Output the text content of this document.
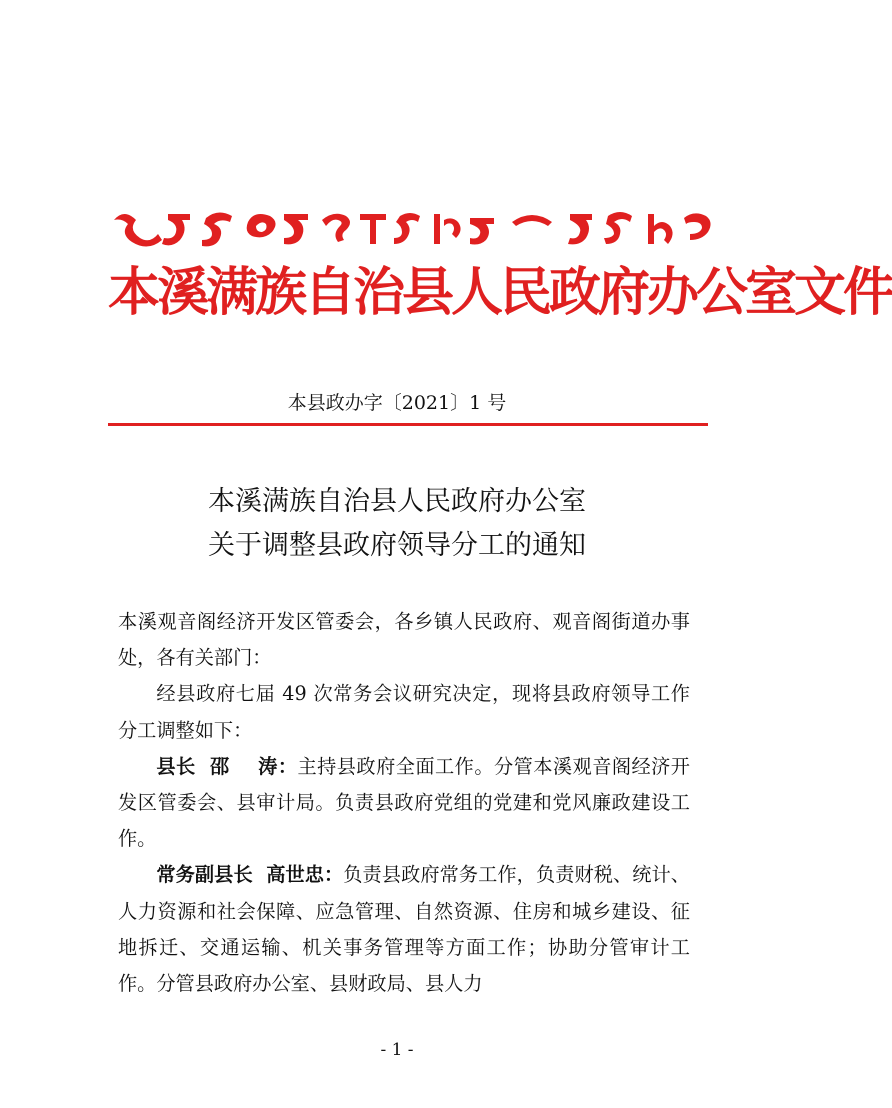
本溪满族自治县人民政府办公室文件
本县政办字〔2021〕1 号
本溪满族自治县人民政府办公室
关于调整县政府领导分工的通知

本溪观音阁经济开发区管委会，各乡镇人民政府、观音阁街道办事处，各有关部门：

经县政府七届 49 次常务会议研究决定，现将县政府领导工作分工调整如下：

县长  邵    涛：主持县政府全面工作。分管本溪观音阁经济开发区管委会、县审计局。负责县政府党组的党建和党风廉政建设工作。

常务副县长  高世忠：负责县政府常务工作，负责财税、统计、人力资源和社会保障、应急管理、自然资源、住房和城乡建设、征地拆迁、交通运输、机关事务管理等方面工作；协助分管审计工作。分管县政府办公室、县财政局、县人力

- 1 -
